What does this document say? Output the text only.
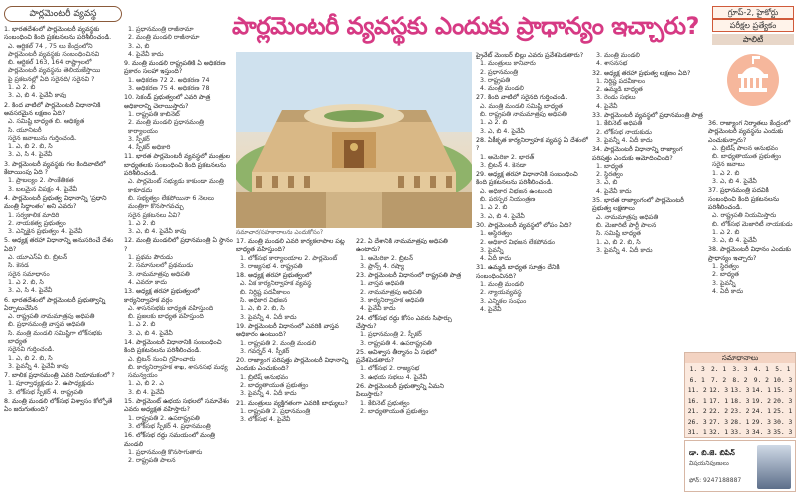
పార్లమెంటరీ వ్యవస్థ	పార్లమెంటరీ వ్యవస్థకు ఎందుకు ప్రాధాన్యం ఇచ్చారు?	గ్రూప్-2, హైకోర్టు
పరీక్షల ప్రత్యేకం
పాలిటీ
సమాచార/సహకారాలను ఎందుకోసం?
1. భారతదేశంలో పార్లమెంటరీ వ్యవస్థకు సంబంధించి కింది ప్రకటనలను పరిశీలించండి.
ఎ. ఆర్టికల్ 74 , 75 లు కేంద్రంలోని పార్లమెంటరీ వ్యవస్థకు సంబంధించినవి
బి. ఆర్టికల్ 163, 164 రాష్ట్రాలలో పార్లమెంటరీ వ్యవస్థను తెలియజేస్తాయి
పై ప్రకటనల్లో ఏది సరైనది/ సరైనవి ?
1. ఎ 2. బి
3. ఎ, బి 4. పైవేవీ కావు
2. కింద వాటిలో పార్లమెంటరీ విధానానికి అవసరమైన లక్షణం ఏది?
ఎ. సమిష్టి బాధ్యత బి. ఆధిక్యత
సి. యూనిటరీ
సరైన జవాబును గుర్తించండి.
1. ఎ, బి 2. బి, సి
3. ఎ, సి 4. పైవేవీ
3. పార్లమెంటరీ వ్యవస్థకు గల కిందివాటిలో కేటాయింపు ఏది ?
1. ప్రాబల్యం 2. సాంకేతికత
3. బలమైన విపక్షం 4. పైవేవీ
4. పార్లమెంటరీ ప్రభుత్వ విధానాన్ని 'ప్రధాని మంత్రి సిద్ధాంతం' అని ఎవరు?
1. సర్వకాలిక మాదిరి
2. నాయకత్వ ప్రభుత్వం
3. ఎన్నికైన ప్రభుత్వం 4. పైవేవీ
5. అధ్యక్ష తరహా విధానాన్ని అనుసరించే దేశం ఏది?
ఎ. యూఎస్ఏ బి. బ్రిటన్
సి. కెనడ
సరైన సమాధానం
1. ఎ 2. బి, సి
3. ఎ, సి 4. పైవేవీ
6. భారతదేశంలో పార్లమెంటరీ ప్రభుత్వాన్ని ఏర్పాటుచేసిన
ఎ. రాష్ట్రపతి నామమాత్రపు అధిపతి
బి. ప్రధానమంత్రి వాస్తవ అధిపతి
సి. మంత్రి మండలి సమిష్టిగా లోక్‌సభకు బాధ్యత
సరైనవి గుర్తించండి.
1. ఎ, బి 2. బి, సి
3. పైవన్నీ 4. పైవేవీ కావు
7. బాలిక ప్రధానమంత్రి ఎవరి నియామకంలో ?
1. పూర్వాధ్యక్షుడు 2. ఉపాధ్యక్షుడు
3. లోక్‌సభ స్పీకర్ 4. రాష్ట్రపతి
8. మంత్రి మండలి లోక్‌సభ విశ్వాసం కోల్పోతే ఏం జరుగుతుంది?
1. ప్రధానమంత్రి రాజీనామా
2. మంత్రి మండలి రాజీనామా
3. ఎ, బి
4. పైవేవీ కాదు
9. మంత్రి మండలి రాష్ట్రపతికి ఏ అధికరణ ప్రకారం సలహా ఇస్తుంది?
1. అధికరణ 72 2. అధికరణ 74
3. అధికరణ 75 4. అధికరణ 78
10. సెకండ్ ప్రభుత్వంలో ఎవరి పాత్ర అధికారాన్ని చెలాయిస్తారు?
1. రాష్ట్రపతి కాబినెట్
2. మంత్రి మండలి ప్రధానమంత్రి కార్యాలయం
3. స్పీకర్
4. స్పీకర్ అధికారి
11. భారత పార్లమెంటరీ వ్యవస్థలో మంత్రుల బాధ్యతలకు సంబంధించి కింది ప్రకటనలను పరిశీలించండి.
ఎ. పార్లమెంట్ సభ్యుడు కాకుండా మంత్రి కాకూడదు
బి. సభ్యత్వం లేకపోయినా 6 నెలలు మంత్రిగా కొనసాగవచ్చు
సరైన ప్రకటనలు ఏవి?
1. ఎ 2. బి
3. ఎ, బి 4. పైవేవీ కావు
12. మంత్రి మండలిలో ప్రధానమంత్రి ఏ స్థానం ?
1. ప్రథమ పౌరుడు
2. సమానులలో ప్రథముడు
3. నామమాత్రపు అధిపతి
4. ఎవరూ కాదు
13. అధ్యక్ష తరహా ప్రభుత్వంలో కార్యనిర్వాహక వర్గం
ఎ. శాసనసభకు బాధ్యత వహిస్తుంది
బి. ప్రజలకు బాధ్యత వహిస్తుంది
1. ఎ 2. బి
3. ఎ, బి 4. పైవేవీ
14. పార్లమెంటరీ విధానానికి సంబంధించి కింది ప్రకటనలను పరిశీలించండి.
ఎ. బ్రిటన్ నుంచి గ్రహించారు
బి. కార్యనిర్వాహక శాఖ, శాసనసభ మధ్య సమన్వయం
1. ఎ, బి 2. ఎ
3. బి 4. పైవేవీ
15. పార్లమెంట్ ఉభయ సభలలో సమావేశం ఎవరు అధ్యక్షత వహిస్తారు?
1. రాష్ట్రపతి 2. ఉపరాష్ట్రపతి
3. లోక్‌సభ స్పీకర్ 4. ప్రధానమంత్రి
16. లోక్‌సభ రద్దు సమయంలో మంత్రి మండలి
1. ప్రధానమంత్రి కొనసాగుతారు
2. రాష్ట్రపతి పాలన
17. మంత్రి మండలి ఎవరి కార్యకలాపాల పట్ల బాధ్యత వహిస్తుంది?
1. లోక్‌సభ కార్యాలయాల 2. పార్లమెంట్
3. రాజ్యసభ 4. రాష్ట్రపతి
18. అధ్యక్ష తరహా ప్రభుత్వంలో
ఎ. ఏక కార్యనిర్వాహక వ్యవస్థ
బి. నిర్దిష్ట పదవీకాలం
సి. అధికార విభజన
1. ఎ, బి 2. బి, సి
3. పైవన్నీ 4. ఏదీ కాదు
19. పార్లమెంటరీ విధానంలో ఎవరికి వాస్తవ అధికారం ఉంటుంది?
1. రాష్ట్రపతి 2. మంత్రి మండలి
3. గవర్నర్ 4. స్పీకర్
20. రాజ్యాంగ పరిషత్తు పార్లమెంటరీ విధానాన్ని ఎందుకు ఎంచుకుంది?
1. బ్రిటిష్ అనుభవం
2. బాధ్యతాయుత ప్రభుత్వం
3. పైవన్నీ 4. ఏదీ కాదు
21. మంత్రులు వ్యక్తిగతంగా ఎవరికి బాధ్యులు?
1. రాష్ట్రపతి 2. ప్రధానమంత్రి
3. లోక్‌సభ 4. పైవేవీ
22. ఏ దేశానికి నామమాత్రపు అధిపతి ఉంటారు?
1. అమెరికా 2. బ్రిటన్
3. ఫ్రాన్స్ 4. రష్యా
23. పార్లమెంటరీ విధానంలో రాష్ట్రపతి పాత్ర
1. వాస్తవ అధిపతి
2. నామమాత్రపు అధిపతి
3. కార్యనిర్వాహక అధిపతి
4. పైవేవీ కాదు
24. లోక్‌సభ రద్దు కోసం ఎవరు సిఫార్సు చేస్తారు?
1. ప్రధానమంత్రి 2. స్పీకర్
3. రాష్ట్రపతి 4. ఉపరాష్ట్రపతి
25. అవిశ్వాస తీర్మానం ఏ సభలో ప్రవేశపెడతారు?
1. లోక్‌సభ 2. రాజ్యసభ
3. ఉభయ సభలు 4. పైవేవీ
26. పార్లమెంటరీ ప్రభుత్వాన్ని ఏమని పిలుస్తారు?
1. కేబినెట్ ప్రభుత్వం
2. బాధ్యతాయుత ప్రభుత్వం
ప్రైవేట్ మెంబర్ బిల్లు ఎవరు ప్రవేశపెడతారు?
1. మంత్రులు కానివారు
2. ప్రధానమంత్రి
3. రాష్ట్రపతి
4. మంత్రి మండలి
27. కింది వాటిలో సరైనది గుర్తించండి.
ఎ. మంత్రి మండలి సమిష్టి బాధ్యత
బి. రాష్ట్రపతి నామమాత్రపు అధిపతి
1. ఎ 2. బి
3. ఎ, బి 4. పైవేవీ
28. ఏకీకృత కార్యనిర్వాహక వ్యవస్థ ఏ దేశంలో ?
1. అమెరికా 2. భారత్
3. బ్రిటన్ 4. కెనడా
29. అధ్యక్ష తరహా విధానానికి సంబంధించి కింది ప్రకటనలను పరిశీలించండి.
ఎ. అధికార విభజన ఉంటుంది
బి. పరస్పర నియంత్రణ
1. ఎ 2. బి
3. ఎ, బి 4. పైవేవీ
30. పార్లమెంటరీ వ్యవస్థలో లోపం ఏది?
1. అస్థిరత్వం
2. అధికార విభజన లేకపోవడం
3. పైవన్నీ
4. ఏదీ కాదు
31. ఉమ్మడి బాధ్యత సూత్రం దేనికి సంబంధించినది?
1. మంత్రి మండలి
2. న్యాయవ్యవస్థ
3. ఎన్నికల సంఘం
4. పైవేవీ
3. మంత్రి మండలి
4. శాసనసభ
32. అధ్యక్ష తరహా ప్రభుత్వ లక్షణం ఏది?
1. నిర్దిష్ట పదవీకాలం
2. ఉమ్మడి బాధ్యత
3. రెండు సభలు
4. పైవేవీ
33. పార్లమెంటరీ వ్యవస్థలో ప్రధానమంత్రి పాత్ర
1. కేబినెట్ అధిపతి
2. లోక్‌సభ నాయకుడు
3. పైవన్నీ 4. ఏదీ కాదు
34. పార్లమెంటరీ విధానాన్ని రాజ్యాంగ పరిషత్తు ఎందుకు ఆమోదించింది?
1. బాధ్యత
2. స్థిరత్వం
3. ఎ, బి
4. పైవేవీ కాదు
35. భారత రాజ్యాంగంలో పార్లమెంటరీ ప్రభుత్వ లక్షణాలు
ఎ. నామమాత్రపు అధిపతి
బి. మెజారిటీ పార్టీ పాలన
సి. సమిష్టి బాధ్యత
1. ఎ, బి 2. బి, సి
3. పైవన్నీ 4. ఏదీ కాదు
36. రాజ్యాంగ నిర్మాతలు కేంద్రంలో పార్లమెంటరీ వ్యవస్థను ఎందుకు ఎంచుకున్నారు?
ఎ. బ్రిటిష్ పాలన అనుభవం
బి. బాధ్యతాయుత ప్రభుత్వం
సరైన జవాబు
1. ఎ 2. బి
3. ఎ, బి 4. పైవేవీ
37. ప్రధానమంత్రి పదవికి సంబంధించి కింది ప్రకటనలను పరిశీలించండి.
ఎ. రాష్ట్రపతి నియమిస్తారు
బి. లోక్‌సభ మెజారిటీ నాయకుడు
1. ఎ 2. బి
3. ఎ, బి 4. పైవేవీ
38. పార్లమెంటరీ విధానం ఎందుకు ప్రాధాన్యం ఇచ్చారు?
1. స్థిరత్వం
2. బాధ్యత
3. పైవన్నీ
4. ఏదీ కాదు
సమాధానాలు
1. 3 2. 1 3. 3 4. 1 5. 1
6. 1 7. 2 8. 2 9. 2 10. 3
11. 2 12. 3 13. 3 14. 1 15. 3
16. 1 17. 1 18. 3 19. 2 20. 3
21. 2 22. 2 23. 2 24. 1 25. 1
26. 3 27. 3 28. 1 29. 3 30. 3
31. 1 32. 1 33. 3 34. 3 35. 3
డా. బి.జె. బిపిన్
విషయనిపుణులు
ఫోన్: 9247188887
